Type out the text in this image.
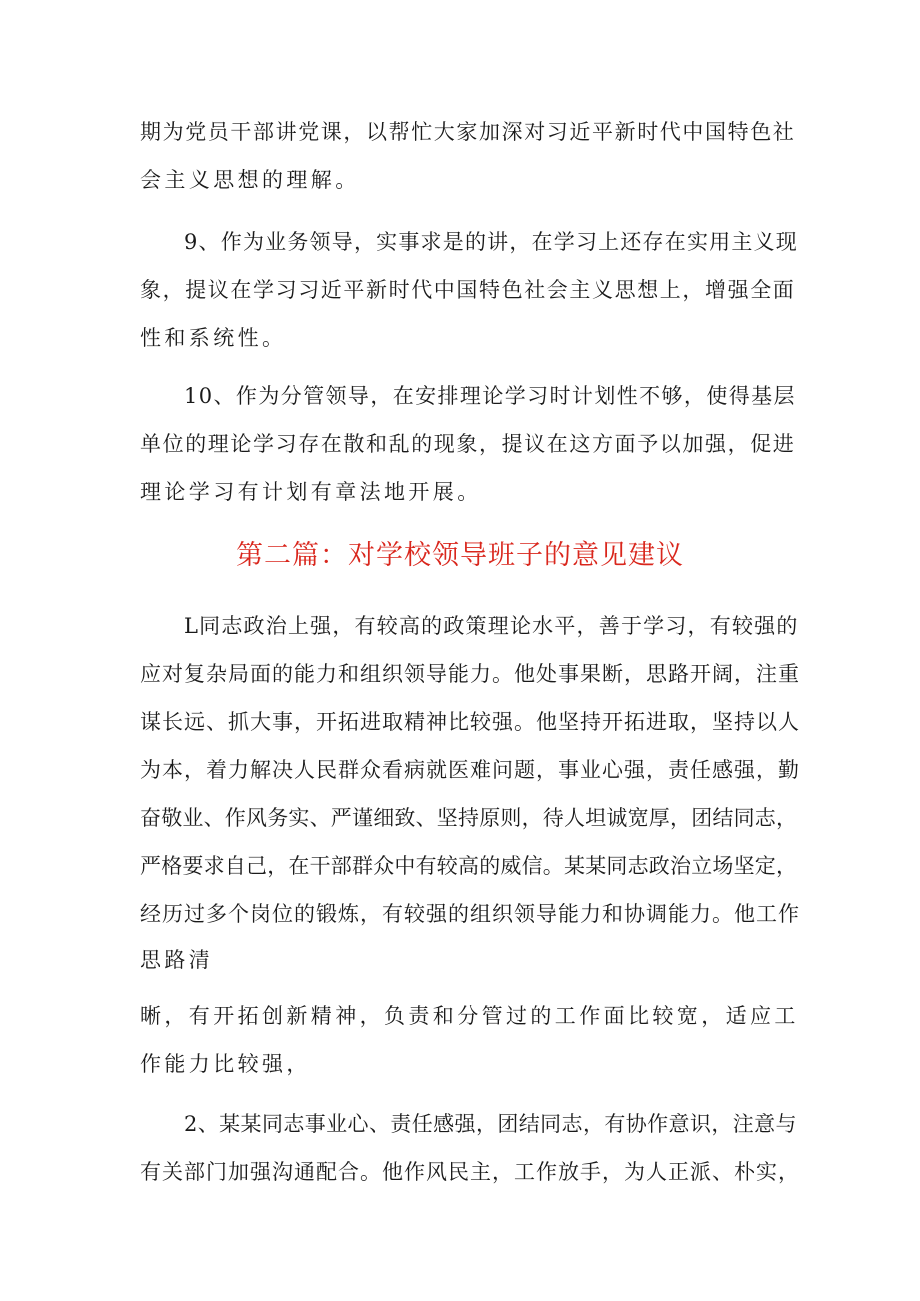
期为党员干部讲党课，以帮忙大家加深对习近平新时代中国特色社
会主义思想的理解。
9、作为业务领导，实事求是的讲，在学习上还存在实用主义现
象，提议在学习习近平新时代中国特色社会主义思想上，增强全面
性和系统性。
10、作为分管领导，在安排理论学习时计划性不够，使得基层
单位的理论学习存在散和乱的现象，提议在这方面予以加强，促进
理论学习有计划有章法地开展。
第二篇：对学校领导班子的意见建议
L同志政治上强，有较高的政策理论水平，善于学习，有较强的
应对复杂局面的能力和组织领导能力。他处事果断，思路开阔，注重
谋长远、抓大事，开拓进取精神比较强。他坚持开拓进取，坚持以人
为本，着力解决人民群众看病就医难问题，事业心强，责任感强，勤
奋敬业、作风务实、严谨细致、坚持原则，待人坦诚宽厚，团结同志，
严格要求自己，在干部群众中有较高的威信。某某同志政治立场坚定，
经历过多个岗位的锻炼，有较强的组织领导能力和协调能力。他工作
思路清
晰，有开拓创新精神，负责和分管过的工作面比较宽，适应工
作能力比较强，
2、某某同志事业心、责任感强，团结同志，有协作意识，注意与
有关部门加强沟通配合。他作风民主，工作放手，为人正派、朴实，
